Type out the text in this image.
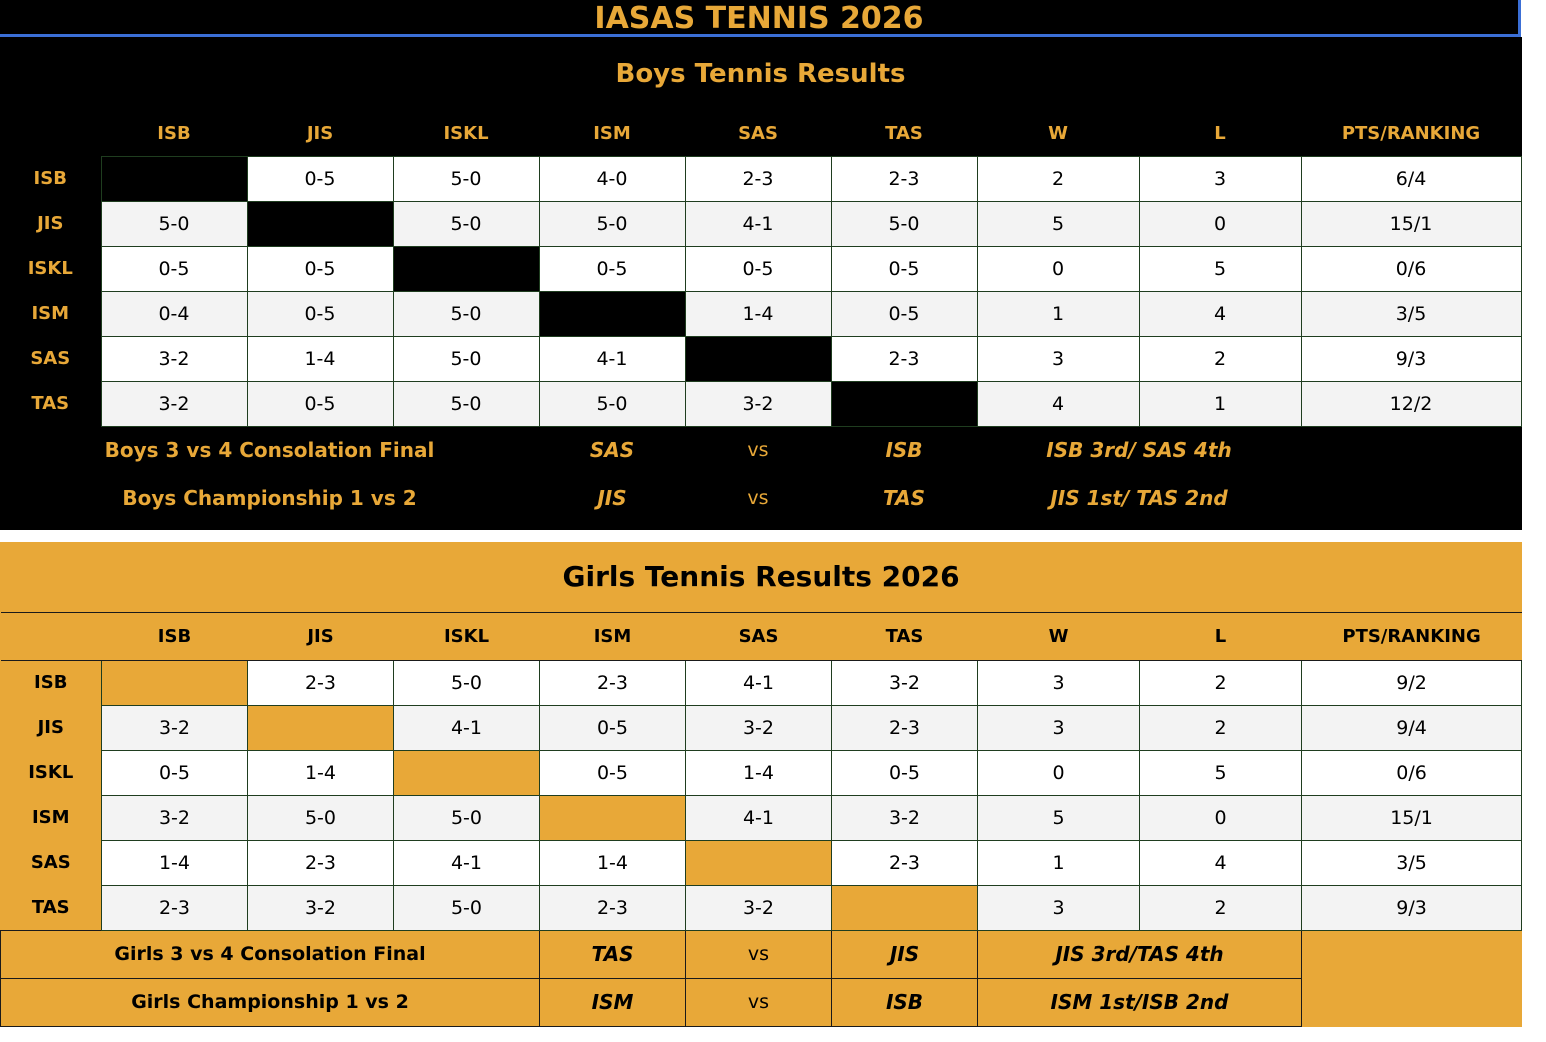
IASAS TENNIS 2026
Boys Tennis Results									
	ISB	JIS	ISKL	ISM	SAS	TAS	W	L	PTS/RANKING
ISB		0-5	5-0	4-0	2-3	2-3	2	3	6/4
JIS	5-0		5-0	5-0	4-1	5-0	5	0	15/1
ISKL	0-5	0-5		0-5	0-5	0-5	0	5	0/6
ISM	0-4	0-5	5-0		1-4	0-5	1	4	3/5
SAS	3-2	1-4	5-0	4-1		2-3	3	2	9/3
TAS	3-2	0-5	5-0	5-0	3-2		4	1	12/2
Boys 3 vs 4 Consolation Final				SAS	vs	ISB	ISB 3rd/ SAS 4th		
Boys Championship 1 vs 2				JIS	vs	TAS	JIS 1st/ TAS 2nd		

Girls Tennis Results 2026									
	ISB	JIS	ISKL	ISM	SAS	TAS	W	L	PTS/RANKING
ISB		2-3	5-0	2-3	4-1	3-2	3	2	9/2
JIS	3-2		4-1	0-5	3-2	2-3	3	2	9/4
ISKL	0-5	1-4		0-5	1-4	0-5	0	5	0/6
ISM	3-2	5-0	5-0		4-1	3-2	5	0	15/1
SAS	1-4	2-3	4-1	1-4		2-3	1	4	3/5
TAS	2-3	3-2	5-0	2-3	3-2		3	2	9/3
Girls 3 vs 4 Consolation Final				TAS	vs	JIS	JIS 3rd/TAS 4th		
Girls Championship 1 vs 2				ISM	vs	ISB	ISM 1st/ISB 2nd		
